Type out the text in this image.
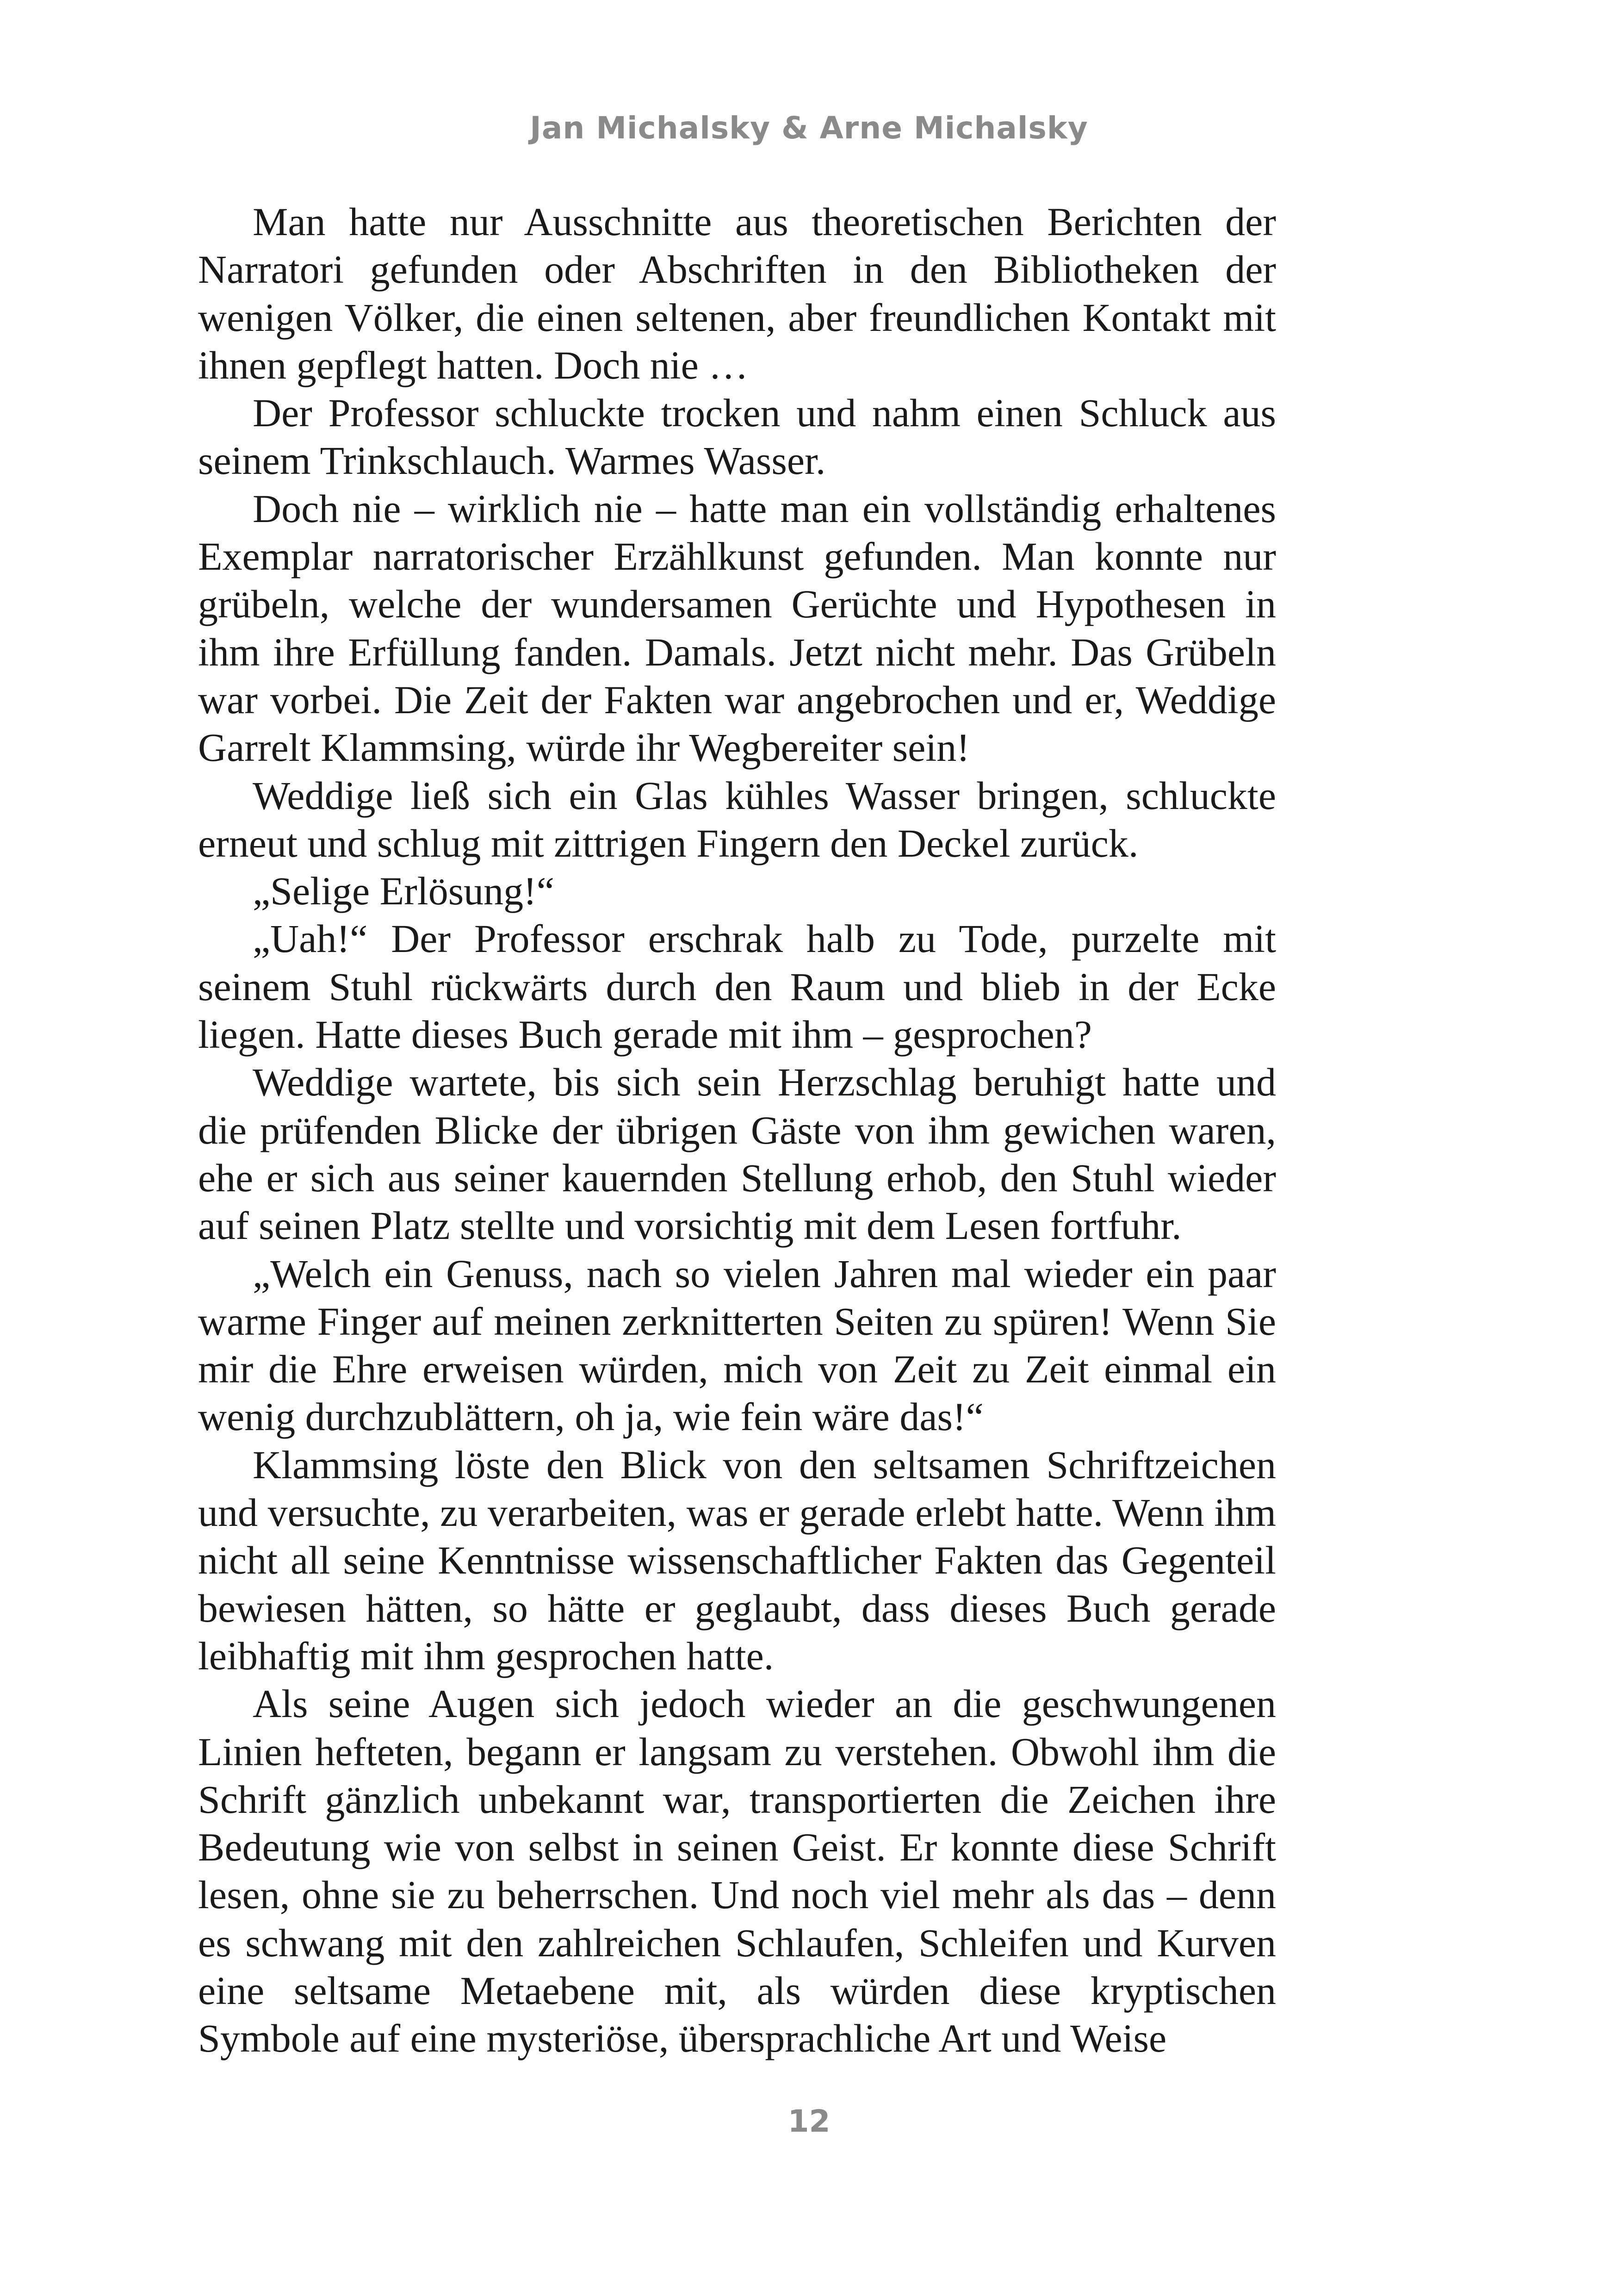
Jan Michalsky & Arne Michalsky

Man hatte nur Ausschnitte aus theoretischen Berichten der Narratori gefunden oder Abschriften in den Bibliotheken der wenigen Völker, die einen seltenen, aber freundlichen Kontakt mit ihnen gepflegt hatten. Doch nie …

Der Professor schluckte trocken und nahm einen Schluck aus seinem Trinkschlauch. Warmes Wasser.

Doch nie – wirklich nie – hatte man ein vollständig erhaltenes Exemplar narratorischer Erzählkunst gefunden. Man konnte nur grübeln, welche der wundersamen Gerüchte und Hypothesen in ihm ihre Erfüllung fanden. Damals. Jetzt nicht mehr. Das Grübeln war vorbei. Die Zeit der Fakten war angebrochen und er, Weddige Garrelt Klammsing, würde ihr Wegbereiter sein!

Weddige ließ sich ein Glas kühles Wasser bringen, schluckte erneut und schlug mit zittrigen Fingern den Deckel zurück.

„Selige Erlösung!“

„Uah!“ Der Professor erschrak halb zu Tode, purzelte mit seinem Stuhl rückwärts durch den Raum und blieb in der Ecke liegen. Hatte dieses Buch gerade mit ihm – gesprochen?

Weddige wartete, bis sich sein Herzschlag beruhigt hatte und die prüfenden Blicke der übrigen Gäste von ihm gewichen waren, ehe er sich aus seiner kauernden Stellung erhob, den Stuhl wieder auf seinen Platz stellte und vorsichtig mit dem Lesen fortfuhr.

„Welch ein Genuss, nach so vielen Jahren mal wieder ein paar warme Finger auf meinen zerknitterten Seiten zu spüren! Wenn Sie mir die Ehre erweisen würden, mich von Zeit zu Zeit einmal ein wenig durchzublättern, oh ja, wie fein wäre das!“

Klammsing löste den Blick von den seltsamen Schriftzeichen und versuchte, zu verarbeiten, was er gerade erlebt hatte. Wenn ihm nicht all seine Kenntnisse wissenschaftlicher Fakten das Gegenteil bewiesen hätten, so hätte er geglaubt, dass dieses Buch gerade leibhaftig mit ihm gesprochen hatte.

Als seine Augen sich jedoch wieder an die geschwungenen Linien hefteten, begann er langsam zu verstehen. Obwohl ihm die Schrift gänzlich unbekannt war, transportierten die Zeichen ihre Bedeutung wie von selbst in seinen Geist. Er konnte diese Schrift lesen, ohne sie zu beherrschen. Und noch viel mehr als das – denn es schwang mit den zahlreichen Schlaufen, Schleifen und Kurven eine seltsame Metaebene mit, als würden diese kryptischen Symbole auf eine mysteriöse, übersprachliche Art und Weise

12
